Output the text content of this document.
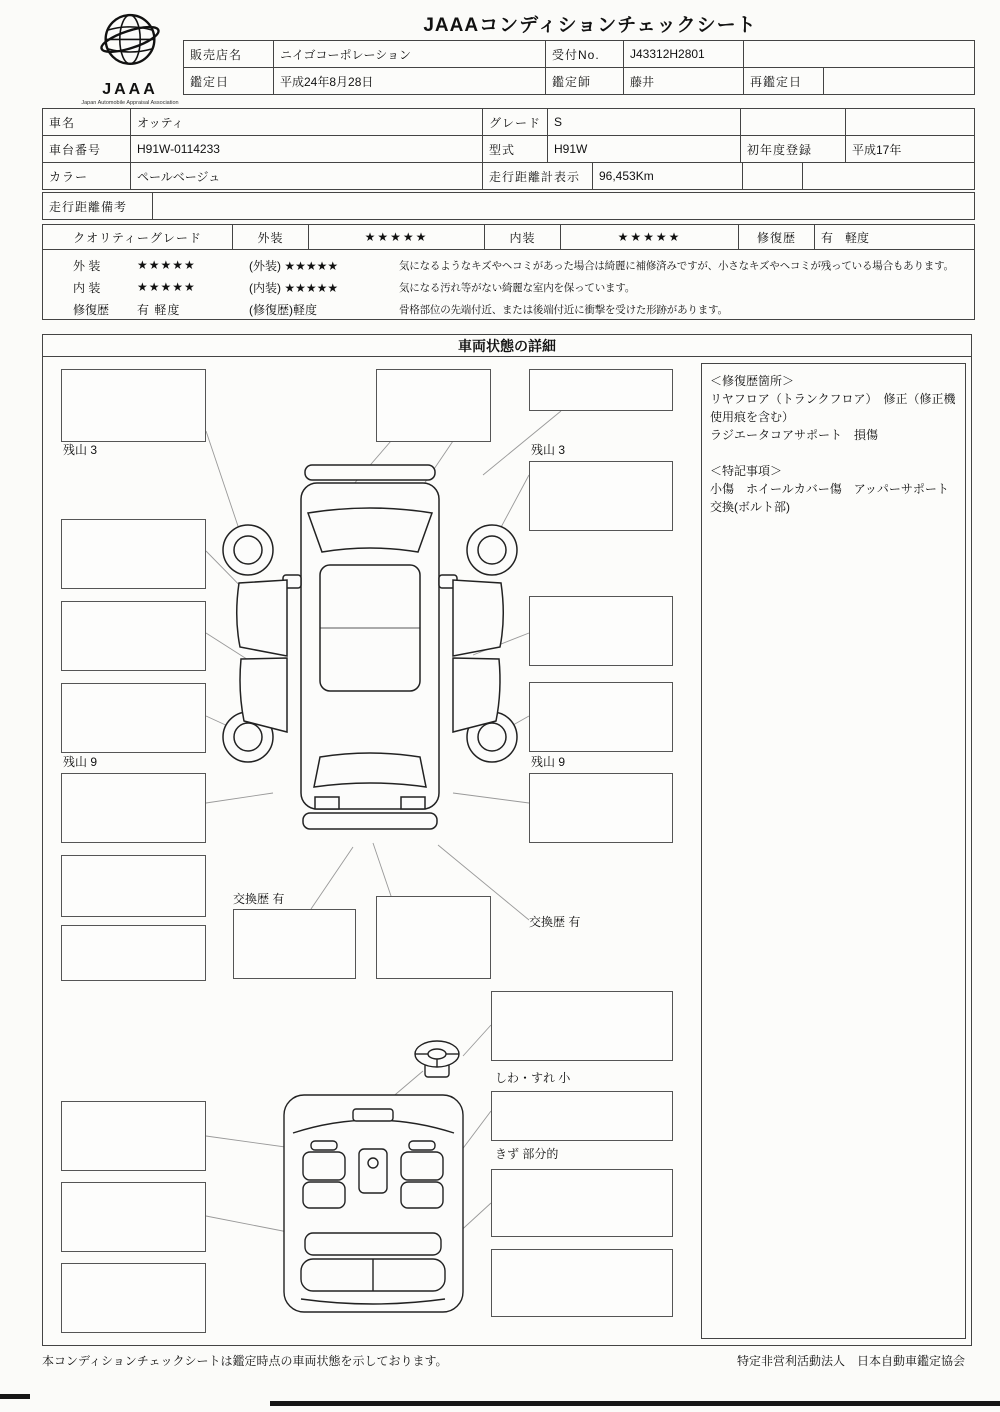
JAAA
Japan Automobile Appraisal Association
JAAAコンディションチェックシート
販売店名	ニイゴコーポレーション	受付No.	J43312H2801
鑑定日	平成24年8月28日	鑑定師	藤井	再鑑定日
車名	オッティ	グレード	S
車台番号	H91W-0114233	型式	H91W	初年度登録	平成17年
カラー	ペールベージュ	走行距離計表示	96,453Km
走行距離備考
クオリティーグレード	外装	★★★★★	内装	★★★★★	修復歴	有　軽度
外 装	★★★★★	(外装) ★★★★★	気になるようなキズやヘコミがあった場合は綺麗に補修済みですが、小さなキズやヘコミが残っている場合もあります。
内 装	★★★★★	(内装) ★★★★★	気になる汚れ等がない綺麗な室内を保っています。
修復歴	有 軽度	(修復歴)軽度	骨格部位の先端付近、または後端付近に衝撃を受けた形跡があります。
車両状態の詳細
残山 3	残山 3
残山 9	残山 9
交換歴 有
交換歴 有
しわ・すれ 小
きず 部分的
＜修復歴箇所＞
リヤフロア（トランクフロア）　修正（修正機使用痕を含む）
ラジエータコアサポート　損傷
＜特記事項＞
小傷　ホイールカバー傷　アッパーサポート交換(ボルト部)
本コンディションチェックシートは鑑定時点の車両状態を示しております。	特定非営利活動法人　日本自動車鑑定協会
